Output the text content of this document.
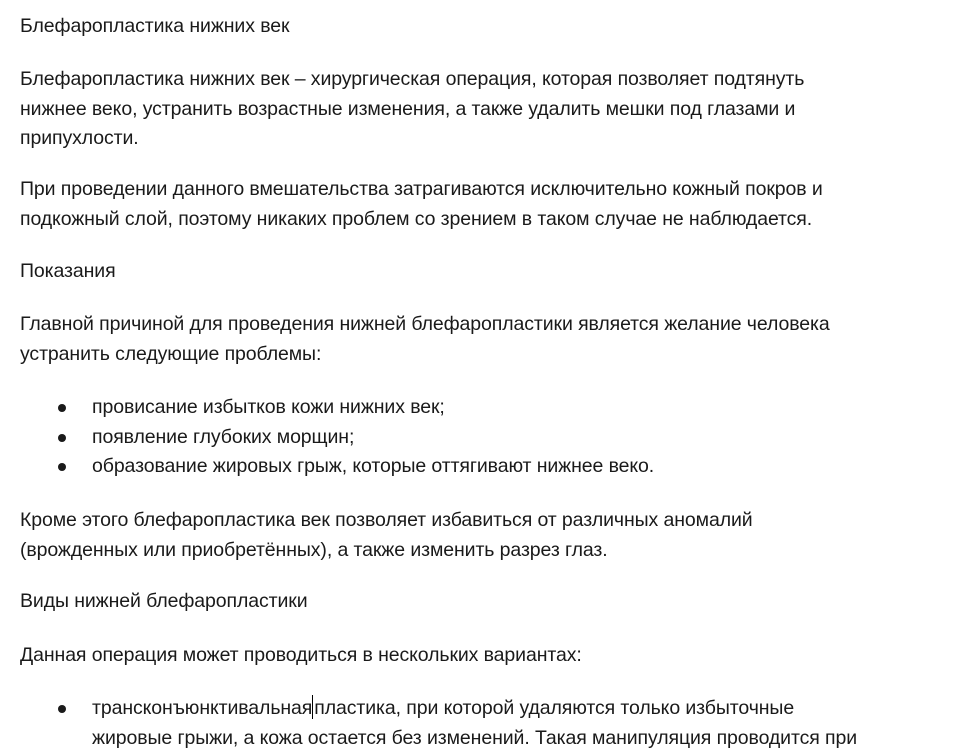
Блефаропластика нижних век

Блефаропластика нижних век – хирургическая операция, которая позволяет подтянуть
нижнее веко, устранить возрастные изменения, а также удалить мешки под глазами и
припухлости.

При проведении данного вмешательства затрагиваются исключительно кожный покров и
подкожный слой, поэтому никаких проблем со зрением в таком случае не наблюдается.

Показания

Главной причиной для проведения нижней блефаропластики является желание человека
устранить следующие проблемы:

провисание избытков кожи нижних век;
появление глубоких морщин;
образование жировых грыж, которые оттягивают нижнее веко.

Кроме этого блефаропластика век позволяет избавиться от различных аномалий
(врожденных или приобретённых), а также изменить разрез глаз.

Виды нижней блефаропластики

Данная операция может проводиться в нескольких вариантах:

трансконъюнктивальная пластика, при которой удаляются только избыточные
жировые грыжи, а кожа остается без изменений. Такая манипуляция проводится при
